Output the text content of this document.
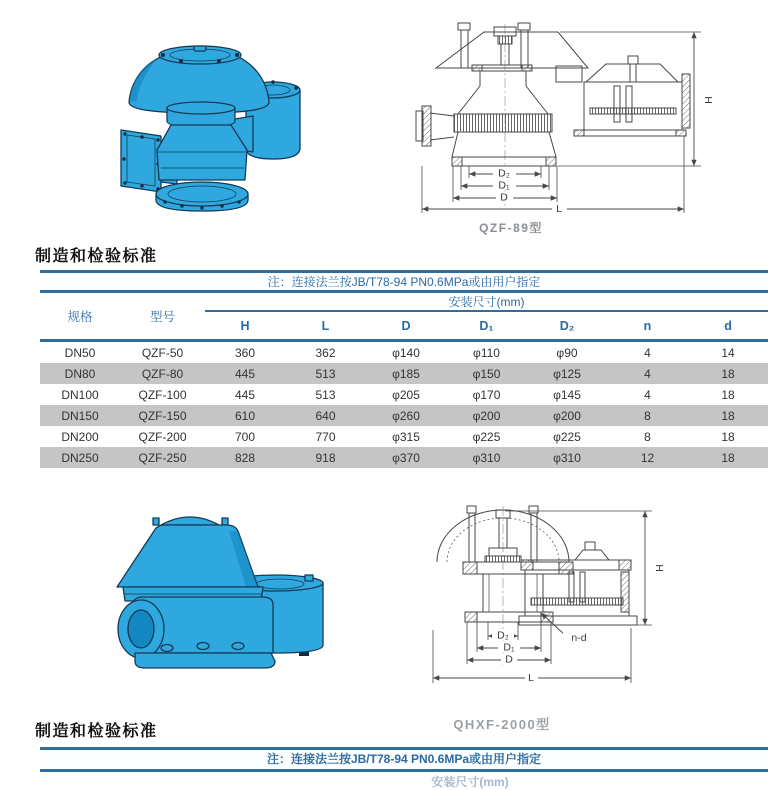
D₂
D₁
D
L
H
QZF-89型
制造和检验标准
注：连接法兰按JB/T78-94 PN0.6MPa或由用户指定								
规格	型号	安装尺寸(mm)						
		H	L	D	D₁	D₂	n	d
DN50	QZF-50	360	362	φ140	φ110	φ90	4	14
DN80	QZF-80	445	513	φ185	φ150	φ125	4	18
DN100	QZF-100	445	513	φ205	φ170	φ145	4	18
DN150	QZF-150	610	640	φ260	φ200	φ200	8	18
DN200	QZF-200	700	770	φ315	φ225	φ225	8	18
DN250	QZF-250	828	918	φ370	φ310	φ310	12	18
D₂
D₁
D
n-d
L
H
QHXF-2000型
制造和检验标准
注：连接法兰按JB/T78-94 PN0.6MPa或由用户指定
安装尺寸(mm)
